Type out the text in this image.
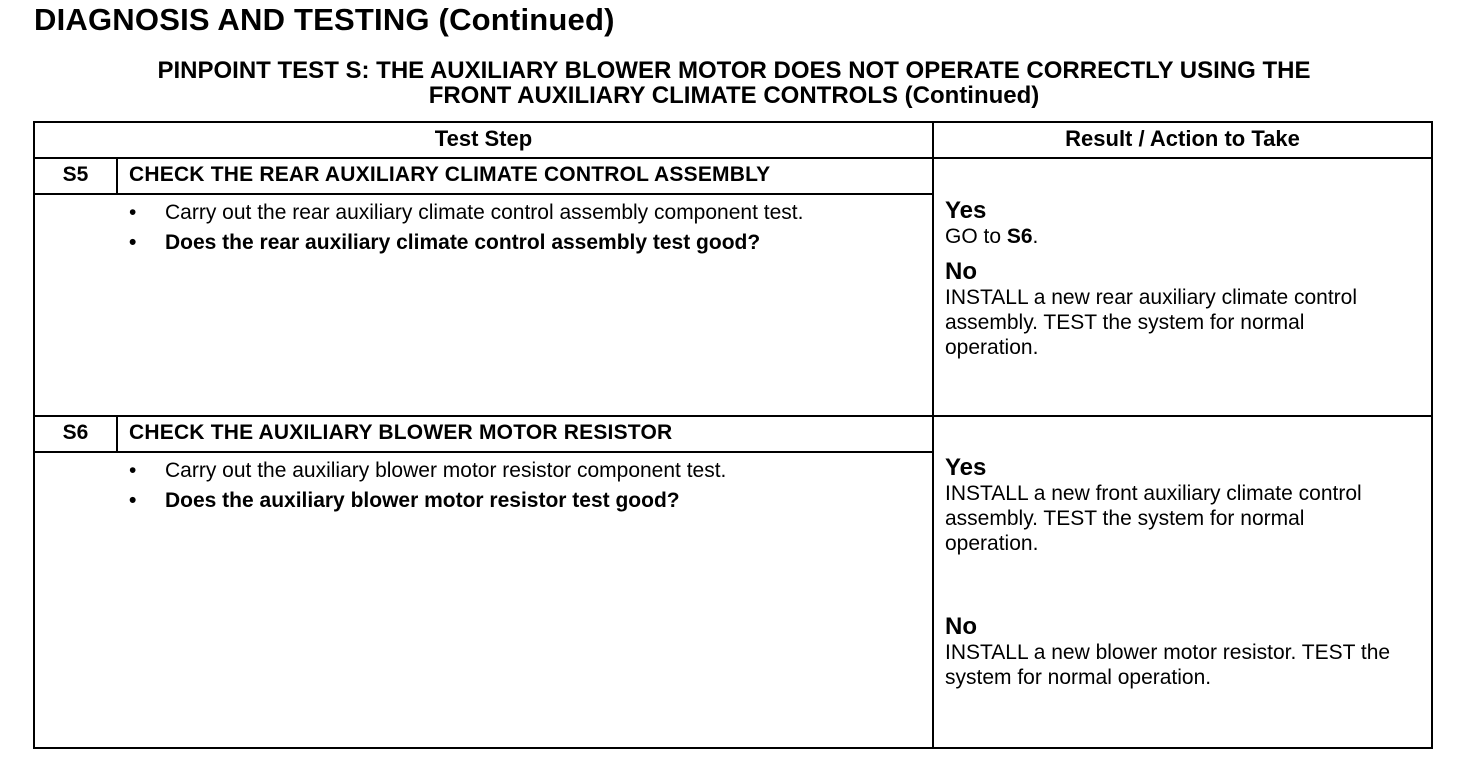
DIAGNOSIS AND TESTING (Continued)
PINPOINT TEST S: THE AUXILIARY BLOWER MOTOR DOES NOT OPERATE CORRECTLY USING THE
FRONT AUXILIARY CLIMATE CONTROLS (Continued)
Test Step	Result / Action to Take
S5	CHECK THE REAR AUXILIARY CLIMATE CONTROL ASSEMBLY
• Carry out the rear auxiliary climate control assembly component test.
• Does the rear auxiliary climate control assembly test good?
Yes
GO to S6.
No
INSTALL a new rear auxiliary climate control assembly. TEST the system for normal operation.
S6	CHECK THE AUXILIARY BLOWER MOTOR RESISTOR
• Carry out the auxiliary blower motor resistor component test.
• Does the auxiliary blower motor resistor test good?
Yes
INSTALL a new front auxiliary climate control assembly. TEST the system for normal operation.
No
INSTALL a new blower motor resistor. TEST the system for normal operation.
